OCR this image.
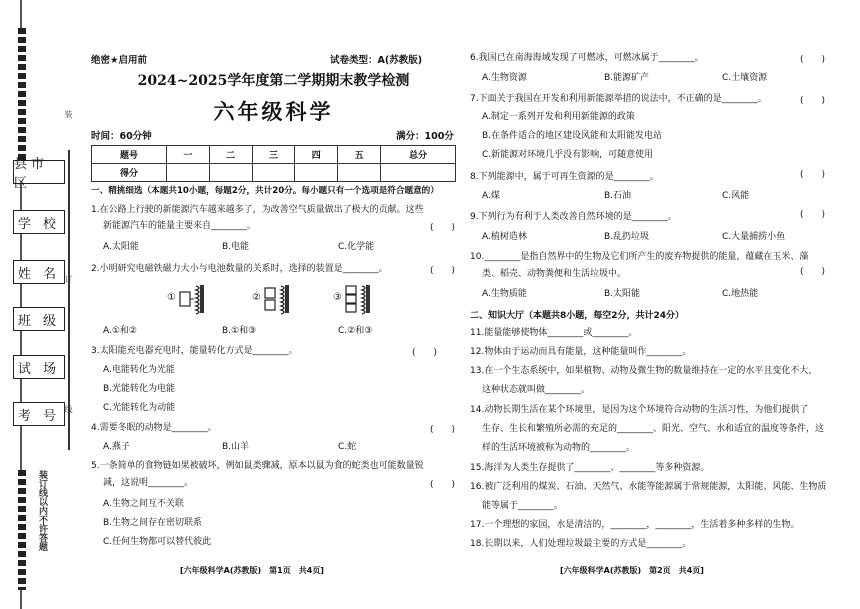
县市区
学 校
姓 名
班 级
试 场
考 号
装订线以内不许答题
装
订
线
绝密★启用前	试卷类型：A(苏教版)
2024~2025学年度第二学期期末教学检测
六年级科学
时间：60分钟	满分：100分
题号	一	二	三	四	五	总分
得分						
一、精挑细选（本题共10小题，每题2分，共计20分。每小题只有一个选项是符合题意的）
1.在公路上行驶的新能源汽车越来越多了，为改善空气质量做出了极大的贡献。这些
新能源汽车的能量主要来自________。	(　　)
A.太阳能	B.电能	C.化学能
2.小明研究电磁铁磁力大小与电池数量的关系时，选择的装置是________。	(　　)
①	②	③
A.①和②	B.①和③	C.②和③
3.太阳能充电器充电时，能量转化方式是________。	(　　)
A.电能转化为光能
B.光能转化为电能
C.光能转化为动能
4.需要冬眠的动物是________。	(　　)
A.燕子	B.山羊	C.蛇
5.一条简单的食物链如果被破坏，例如鼠类骤减，原本以鼠为食的蛇类也可能数量锐
减，这说明________。	(　　)
A.生物之间互不关联
B.生物之间存在密切联系
C.任何生物都可以替代彼此
[六年级科学A(苏教版)　第1页　共4页]
6.我国已在南海海域发现了可燃冰，可燃冰属于________。	(　　)
A.生物资源	B.能源矿产	C.土壤资源
7.下面关于我国在开发和利用新能源举措的说法中，不正确的是________。	(　　)
A.制定一系列开发和利用新能源的政策
B.在条件适合的地区建设风能和太阳能发电站
C.新能源对环境几乎没有影响，可随意使用
8.下列能源中，属于可再生资源的是________。	(　　)
A.煤	B.石油	C.风能
9.下列行为有利于人类改善自然环境的是________。	(　　)
A.植树造林	B.乱扔垃圾	C.大量捕捞小鱼
10.________是指自然界中的生物及它们所产生的废弃物提供的能量，蕴藏在玉米、藻
类、稻壳、动物粪便和生活垃圾中。	(　　)
A.生物质能	B.太阳能	C.地热能
二、知识大厅（本题共8小题，每空2分，共计24分）
11.能量能够使物体________或________。
12.物体由于运动而具有能量，这种能量叫作________。
13.在一个生态系统中，如果植物、动物及微生物的数量维持在一定的水平且变化不大，
这种状态就叫做________。
14.动物长期生活在某个环境里，是因为这个环境符合动物的生活习性，为他们提供了
生存、生长和繁殖所必需的充足的________、阳光、空气、水和适宜的温度等条件，这
样的生活环境被称为动物的________。
15.海洋为人类生存提供了________、________等多种资源。
16.被广泛利用的煤炭、石油、天然气、水能等能源属于常规能源，太阳能、风能、生物质
能等属于________。
17.一个理想的家园，水是清洁的，________，________，生活着多种多样的生物。
18.长期以来，人们处理垃圾最主要的方式是________。
[六年级科学A(苏教版)　第2页　共4页]
